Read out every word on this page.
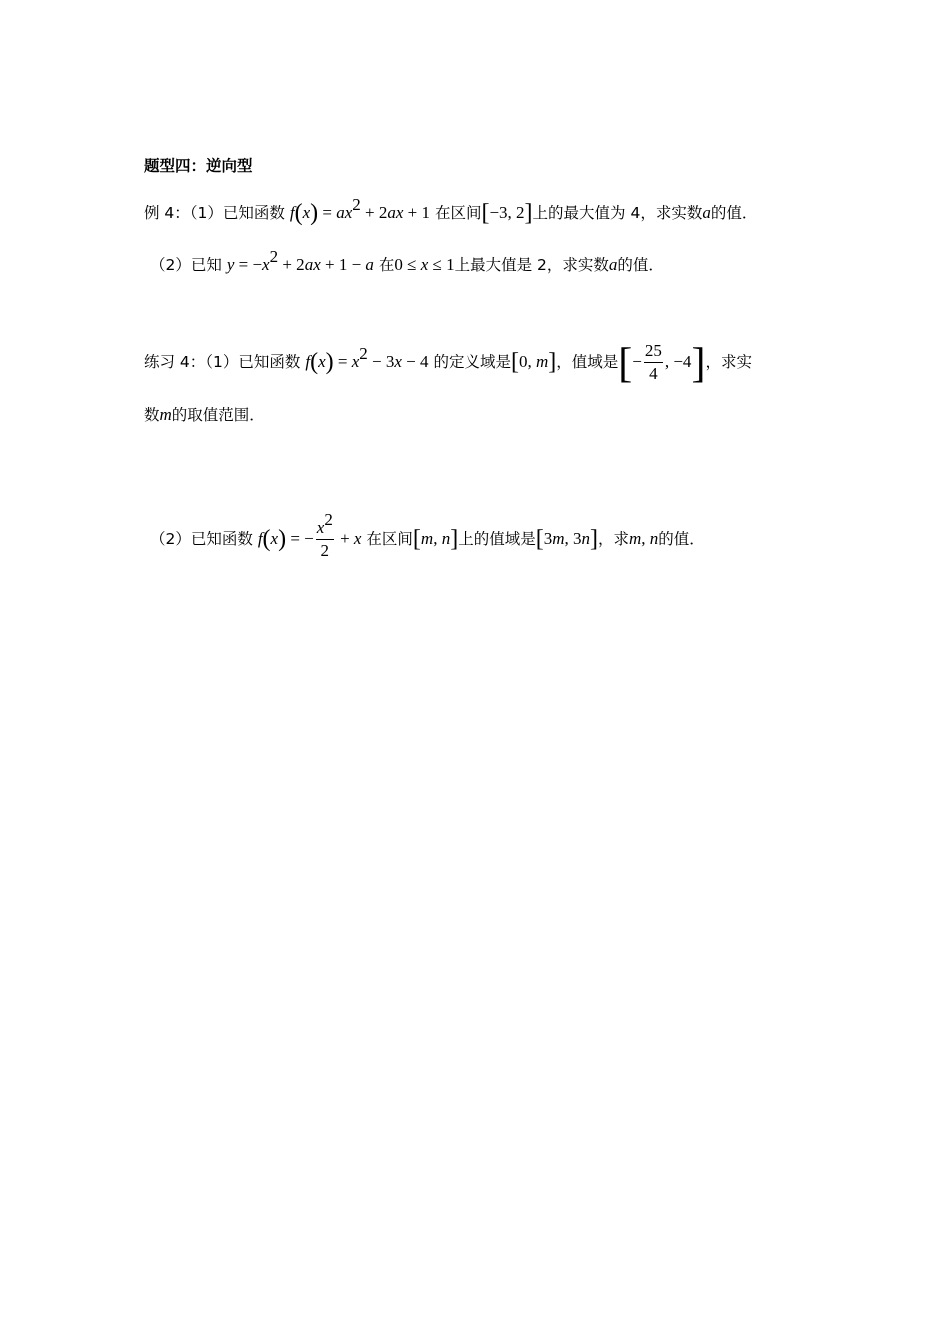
题型四：逆向型
例 4：（1）已知函数 $f(x) = ax^2 + 2ax + 1$ 在区间[−3, 2]上的最大值为 4，求实数a的值．
（2）已知 $y = -x^2 + 2ax + 1 - a$ 在0 ≤ x ≤ 1上最大值是 2，求实数a的值．
练习 4：（1）已知函数 $f(x) = x^2 - 3x - 4$ 的定义域是[0, m]，值域是[− $\frac{25}{4}$ , −4]，求实
数m的取值范围．
（2）已知函数 f(x) = − $\frac{x^2}{2} + x$ 在区间[m, n]上的值域是[3m, 3n]，求m, n的值．
